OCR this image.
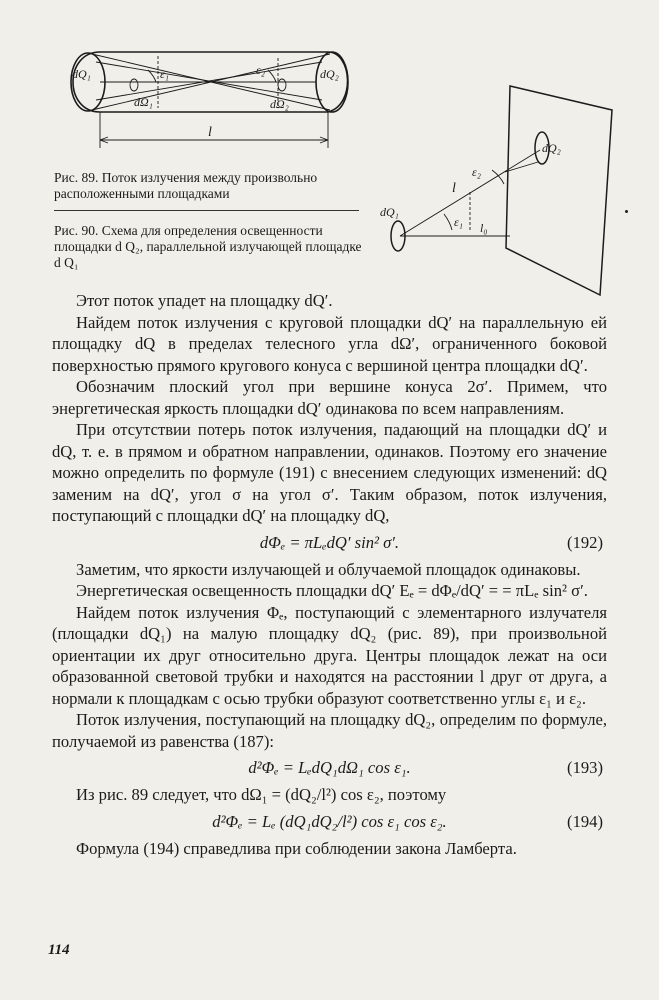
dQ₁	dQ₂
ε₁	ε₂
dΩ₁	dΩ₂
l
Рис. 89. Поток излучения между произвольно расположенными площадками
Рис. 90. Схема для определения освещенности площадки d Q₂, параллельной излучающей площадке d Q₁
dQ₁
dQ₂
ε₁
ε₂
l
l₀

Этот поток упадет на площадку dQ′.

Найдем поток излучения с круговой площадки dQ′ на параллельную ей площадку dQ в пределах телесного угла dΩ′, ограниченного боковой поверхностью прямого кругового конуса с вершиной центра площадки dQ′.

Обозначим плоский угол при вершине конуса 2σ′. Примем, что энергетическая яркость площадки dQ′ одинакова по всем направлениям.

При отсутствии потерь поток излучения, падающий на площадки dQ′ и dQ, т. е. в прямом и обратном направлении, одинаков. Поэтому его значение можно определить по формуле (191) с внесением следующих изменений: dQ заменим на dQ′, угол σ на угол σ′. Таким образом, поток излучения, поступающий с площадки dQ′ на площадку dQ,

dΦₑ = πLₑdQ′ sin² σ′.	(192)

Заметим, что яркости излучающей и облучаемой площадок одинаковы.

Энергетическая освещенность площадки dQ′ Eₑ = dΦₑ/dQ′ = = πLₑ sin² σ′.

Найдем поток излучения Φₑ, поступающий с элементарного излучателя (площадки dQ₁) на малую площадку dQ₂ (рис. 89), при произвольной ориентации их друг относительно друга. Центры площадок лежат на оси образованной световой трубки и находятся на расстоянии l друг от друга, а нормали к площадкам с осью трубки образуют соответственно углы ε₁ и ε₂.

Поток излучения, поступающий на площадку dQ₂, определим по формуле, получаемой из равенства (187):

d²Φₑ = LₑdQ₁dΩ₁ cos ε₁.	(193)

Из рис. 89 следует, что dΩ₁ = (dQ₂/l²) cos ε₂, поэтому

d²Φₑ = Lₑ (dQ₁dQ₂/l²) cos ε₁ cos ε₂.	(194)

Формула (194) справедлива при соблюдении закона Ламберта.

114
